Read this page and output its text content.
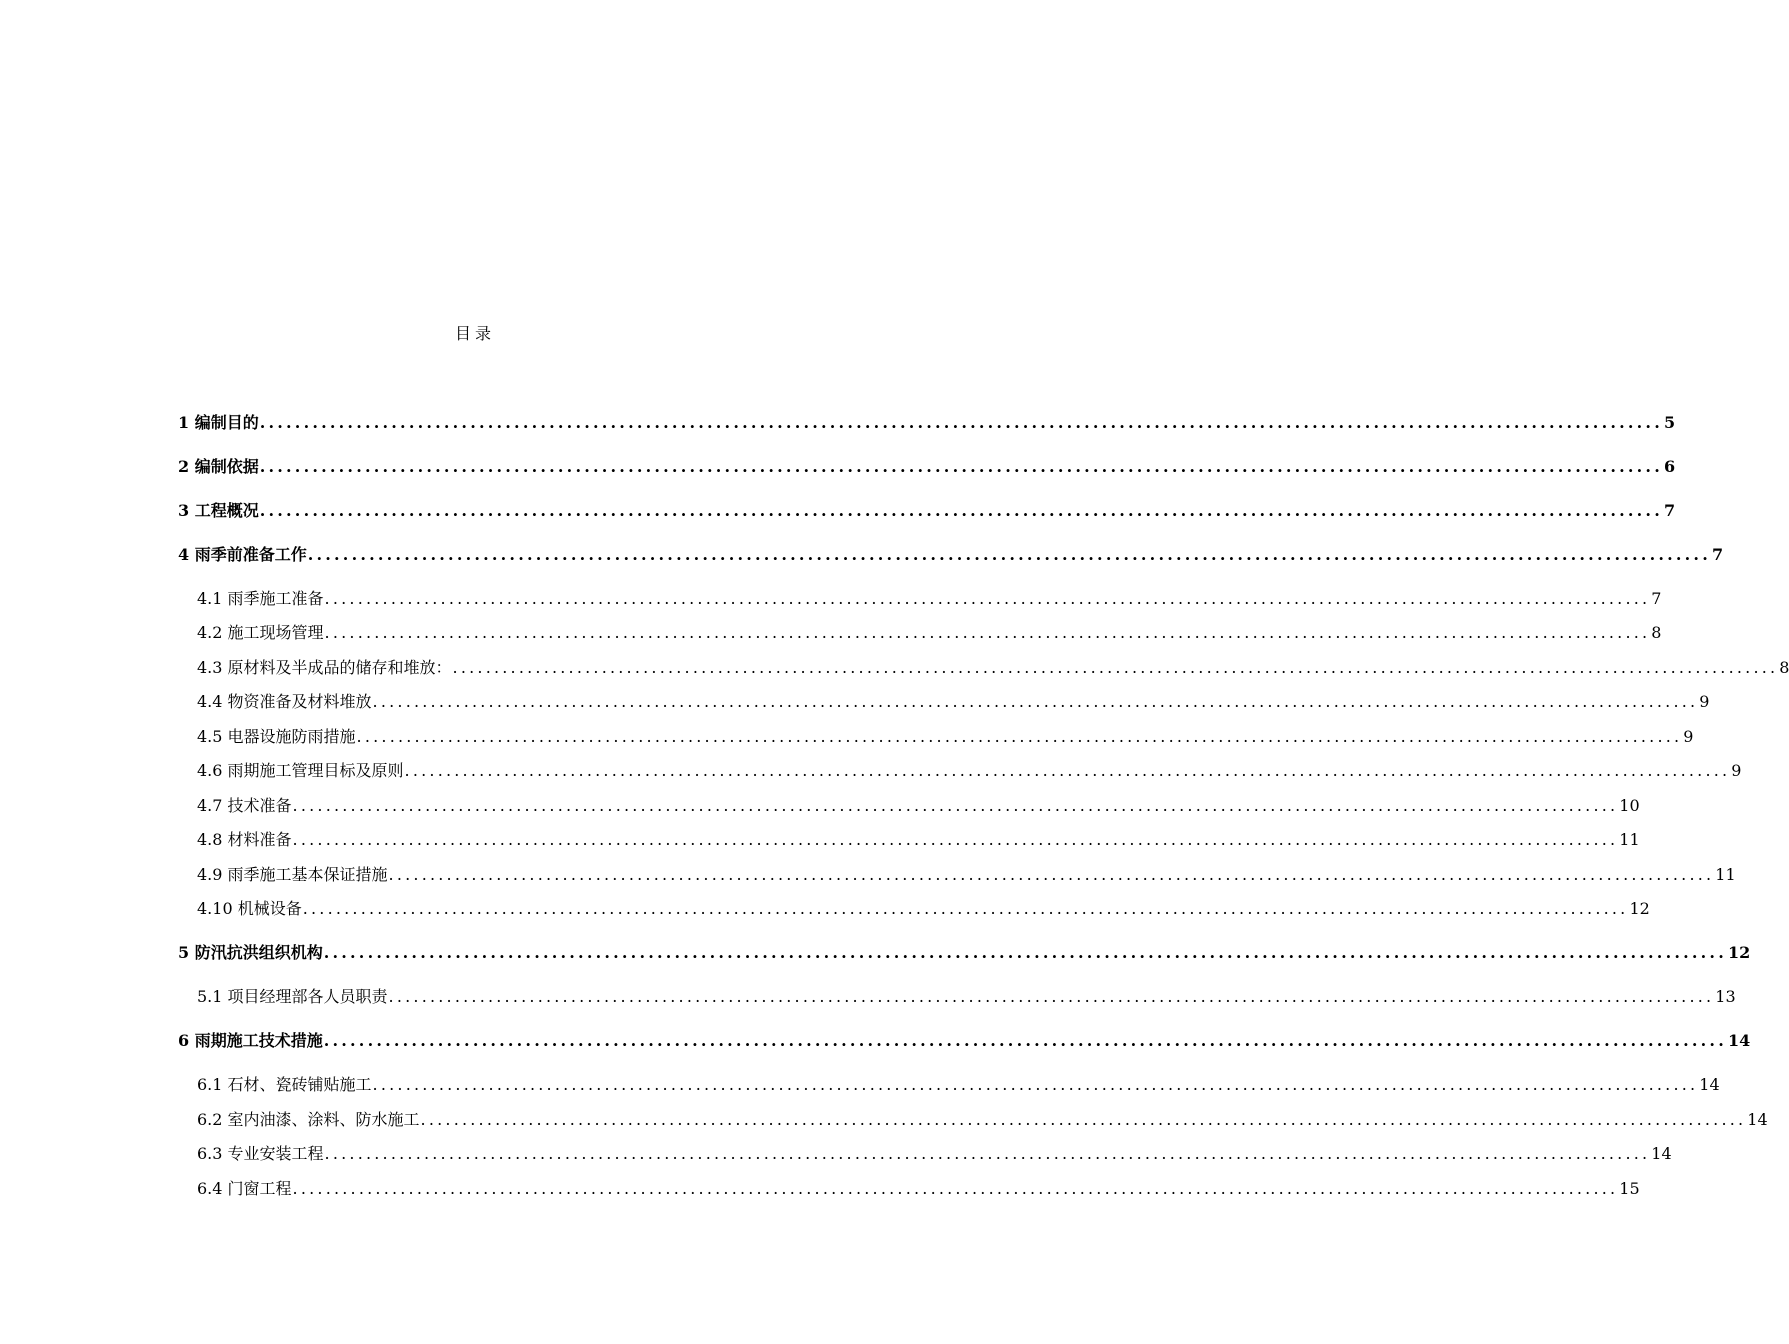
目录
1 编制目的 ................................................................................................................................................................ 5
2 编制依据 ................................................................................................................................................................ 6
3 工程概况 ................................................................................................................................................................ 7
4 雨季前准备工作 ................................................................................................................................................................ 7
4.1 雨季施工准备 ................................................................................................................................................................ 7
4.2 施工现场管理 ................................................................................................................................................................ 8
4.3 原材料及半成品的储存和堆放： ................................................................................................................................................................ 8
4.4 物资准备及材料堆放 ................................................................................................................................................................ 9
4.5 电器设施防雨措施 ................................................................................................................................................................ 9
4.6 雨期施工管理目标及原则 ................................................................................................................................................................ 9
4.7 技术准备 ................................................................................................................................................................ 10
4.8 材料准备 ................................................................................................................................................................ 11
4.9 雨季施工基本保证措施 ................................................................................................................................................................ 11
4.10 机械设备 ................................................................................................................................................................ 12
5 防汛抗洪组织机构 ................................................................................................................................................................ 12
5.1 项目经理部各人员职责 ................................................................................................................................................................ 13
6 雨期施工技术措施 ................................................................................................................................................................ 14
6.1 石材、瓷砖铺贴施工 ................................................................................................................................................................ 14
6.2 室内油漆、涂料、防水施工 ................................................................................................................................................................ 14
6.3 专业安装工程 ................................................................................................................................................................ 14
6.4 门窗工程 ................................................................................................................................................................ 15
